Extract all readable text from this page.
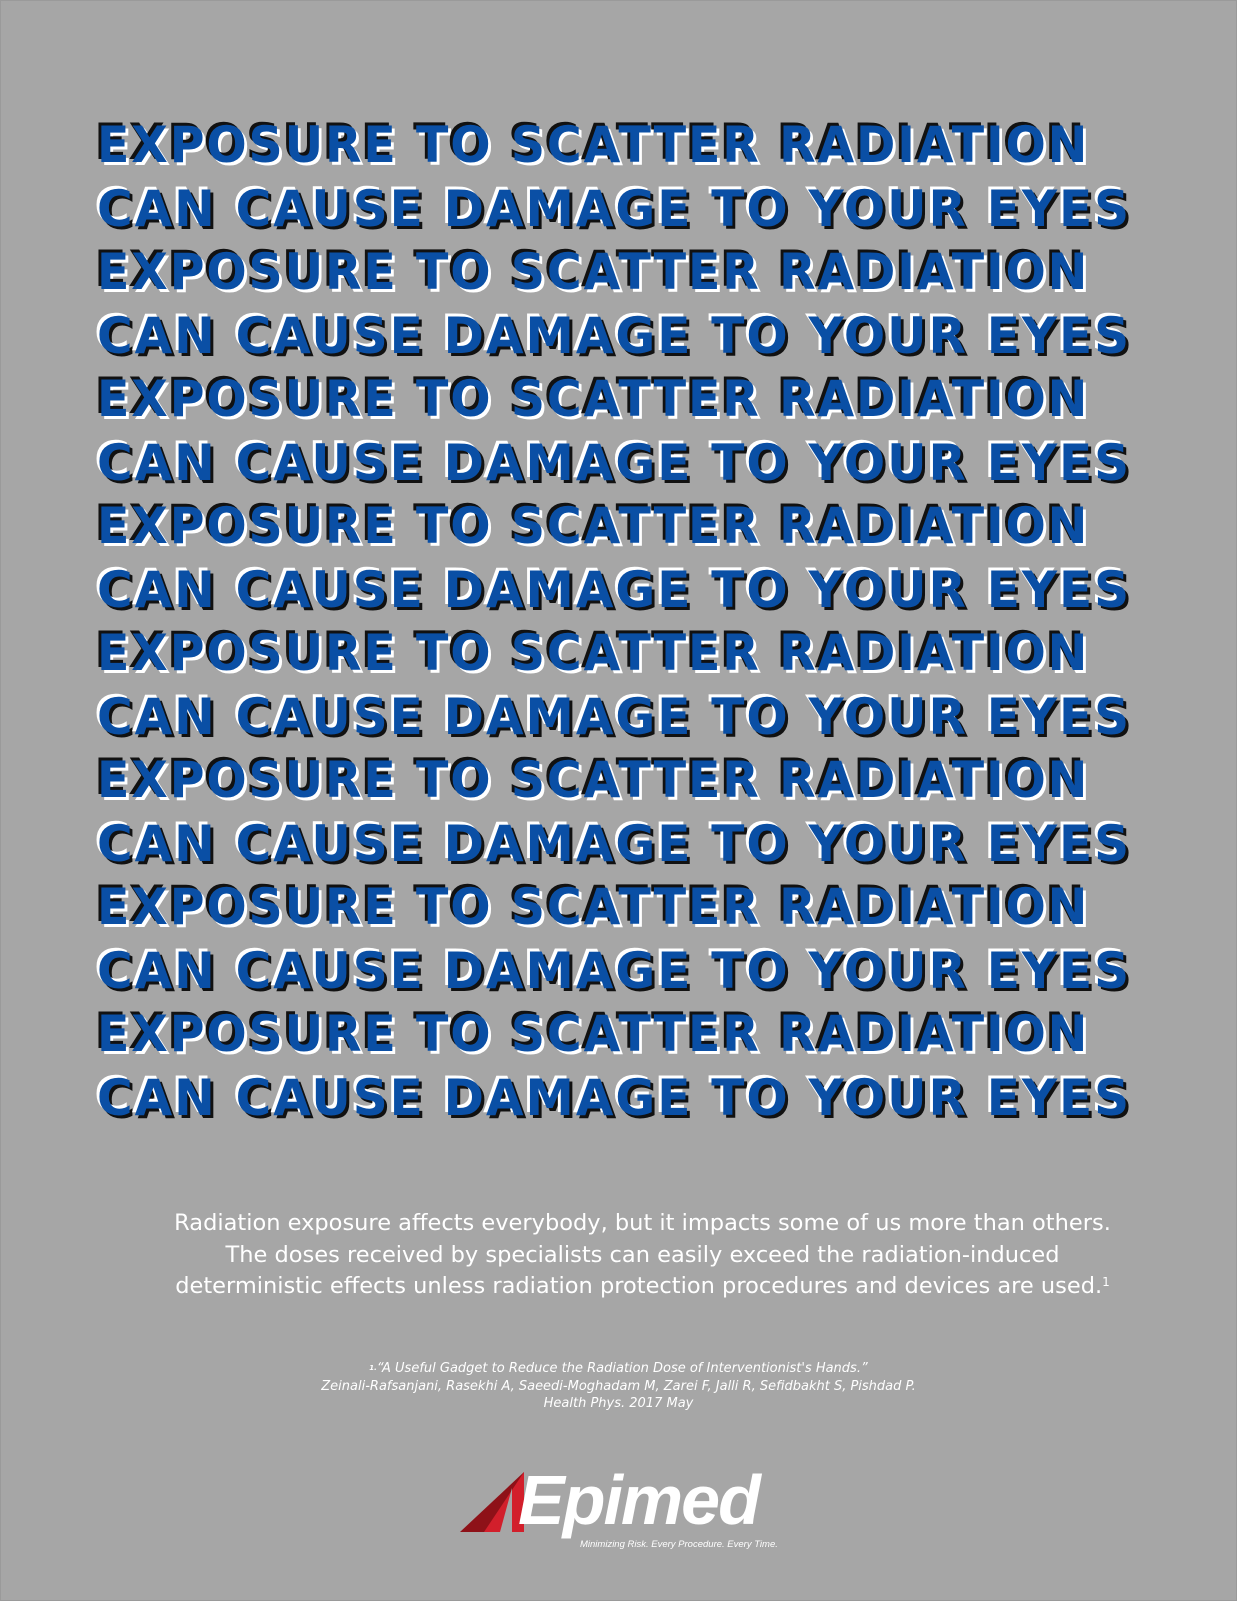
EXPOSURE TO SCATTER RADIATION
CAN CAUSE DAMAGE TO YOUR EYES
EXPOSURE TO SCATTER RADIATION
CAN CAUSE DAMAGE TO YOUR EYES
EXPOSURE TO SCATTER RADIATION
CAN CAUSE DAMAGE TO YOUR EYES
EXPOSURE TO SCATTER RADIATION
CAN CAUSE DAMAGE TO YOUR EYES
EXPOSURE TO SCATTER RADIATION
CAN CAUSE DAMAGE TO YOUR EYES
EXPOSURE TO SCATTER RADIATION
CAN CAUSE DAMAGE TO YOUR EYES
EXPOSURE TO SCATTER RADIATION
CAN CAUSE DAMAGE TO YOUR EYES
EXPOSURE TO SCATTER RADIATION
CAN CAUSE DAMAGE TO YOUR EYES
Radiation exposure affects everybody, but it impacts some of us more than others.
The doses received by specialists can easily exceed the radiation-induced
deterministic effects unless radiation protection procedures and devices are used.$^1$
$^{1.}$“A Useful Gadget to Reduce the Radiation Dose of Interventionist's Hands.”
Zeinali-Rafsanjani, Rasekhi A, Saeedi-Moghadam M, Zarei F, Jalli R, Sefidbakht S, Pishdad P.
Health Phys. 2017 May
Epimed
Minimizing Risk. Every Procedure. Every Time.
